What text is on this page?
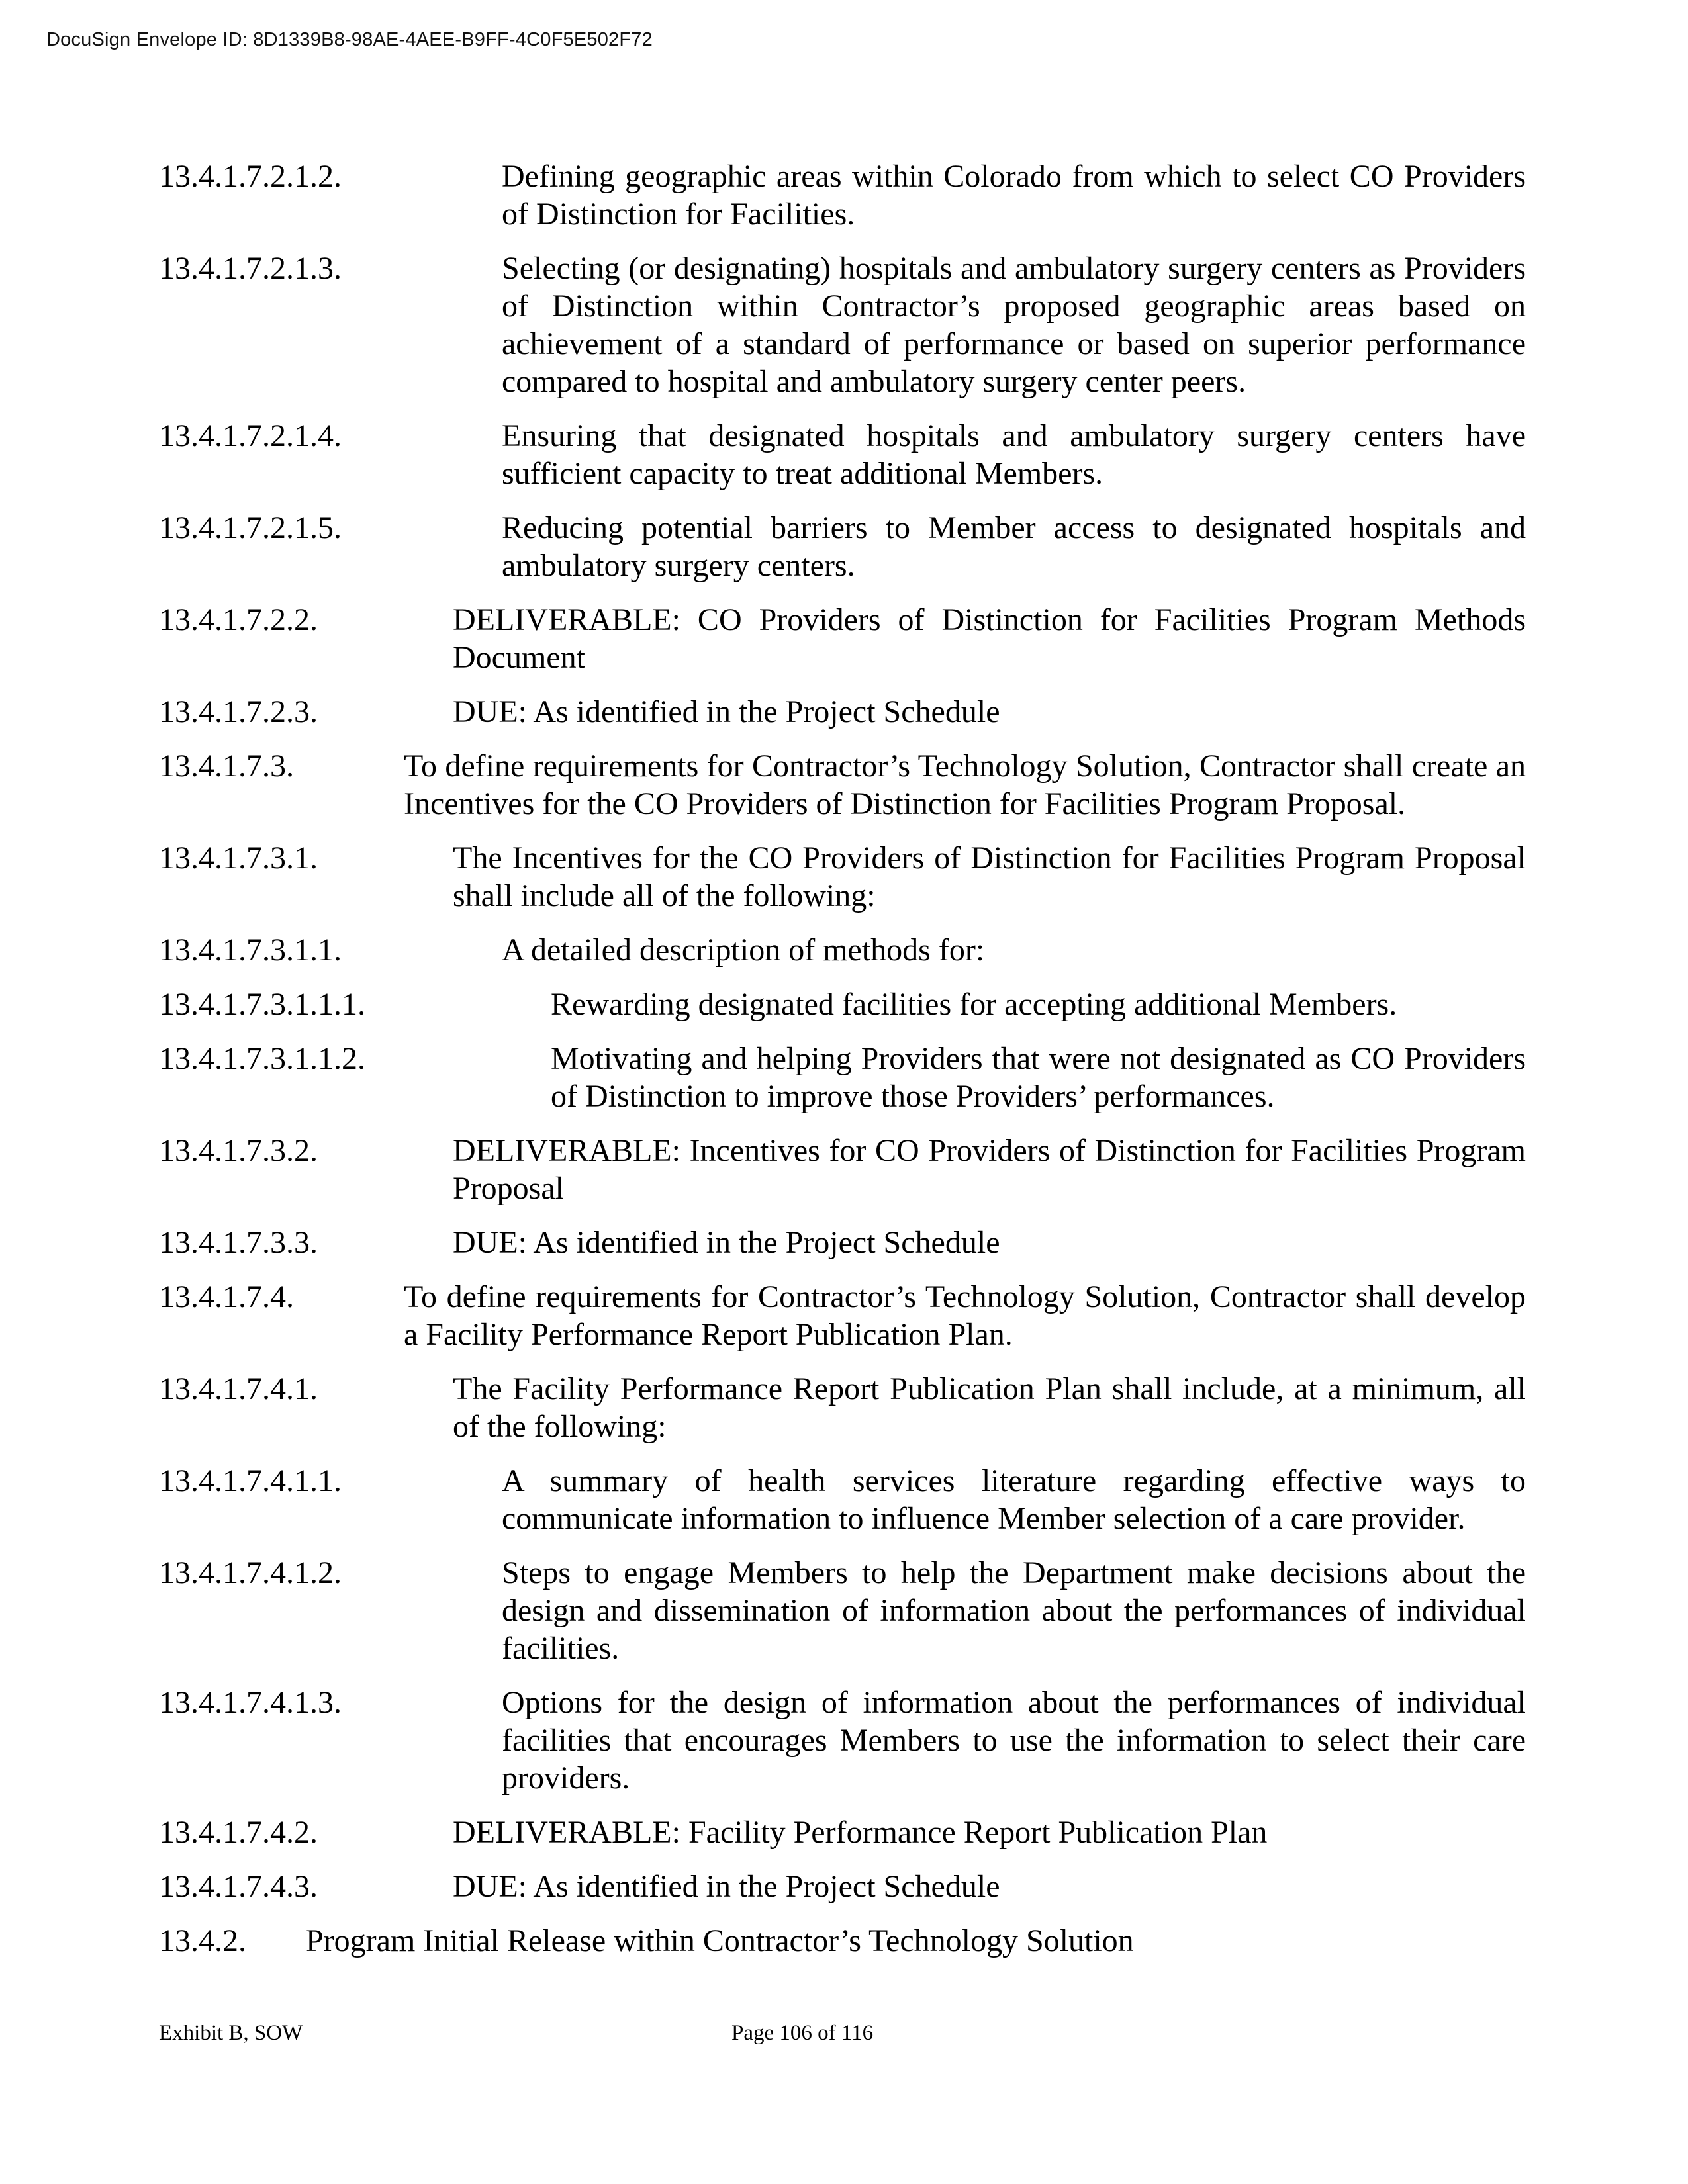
DocuSign Envelope ID: 8D1339B8-98AE-4AEE-B9FF-4C0F5E502F72
13.4.1.7.2.1.2.	Defining geographic areas within Colorado from which to select CO Providers of Distinction for Facilities.
13.4.1.7.2.1.3.	Selecting (or designating) hospitals and ambulatory surgery centers as Providers of Distinction within Contractor’s proposed geographic areas based on achievement of a standard of performance or based on superior performance compared to hospital and ambulatory surgery center peers.
13.4.1.7.2.1.4.	Ensuring that designated hospitals and ambulatory surgery centers have sufficient capacity to treat additional Members.
13.4.1.7.2.1.5.	Reducing potential barriers to Member access to designated hospitals and ambulatory surgery centers.
13.4.1.7.2.2.	DELIVERABLE: CO Providers of Distinction for Facilities Program Methods Document
13.4.1.7.2.3.	DUE: As identified in the Project Schedule
13.4.1.7.3.	To define requirements for Contractor’s Technology Solution, Contractor shall create an Incentives for the CO Providers of Distinction for Facilities Program Proposal.
13.4.1.7.3.1.	The Incentives for the CO Providers of Distinction for Facilities Program Proposal shall include all of the following:
13.4.1.7.3.1.1.	A detailed description of methods for:
13.4.1.7.3.1.1.1.	Rewarding designated facilities for accepting additional Members.
13.4.1.7.3.1.1.2.	Motivating and helping Providers that were not designated as CO Providers of Distinction to improve those Providers’ performances.
13.4.1.7.3.2.	DELIVERABLE: Incentives for CO Providers of Distinction for Facilities Program Proposal
13.4.1.7.3.3.	DUE: As identified in the Project Schedule
13.4.1.7.4.	To define requirements for Contractor’s Technology Solution, Contractor shall develop a Facility Performance Report Publication Plan.
13.4.1.7.4.1.	The Facility Performance Report Publication Plan shall include, at a minimum, all of the following:
13.4.1.7.4.1.1.	A summary of health services literature regarding effective ways to communicate information to influence Member selection of a care provider.
13.4.1.7.4.1.2.	Steps to engage Members to help the Department make decisions about the design and dissemination of information about the performances of individual facilities.
13.4.1.7.4.1.3.	Options for the design of information about the performances of individual facilities that encourages Members to use the information to select their care providers.
13.4.1.7.4.2.	DELIVERABLE: Facility Performance Report Publication Plan
13.4.1.7.4.3.	DUE: As identified in the Project Schedule
13.4.2. Program Initial Release within Contractor’s Technology Solution
Exhibit B, SOW	Page 106 of 116
